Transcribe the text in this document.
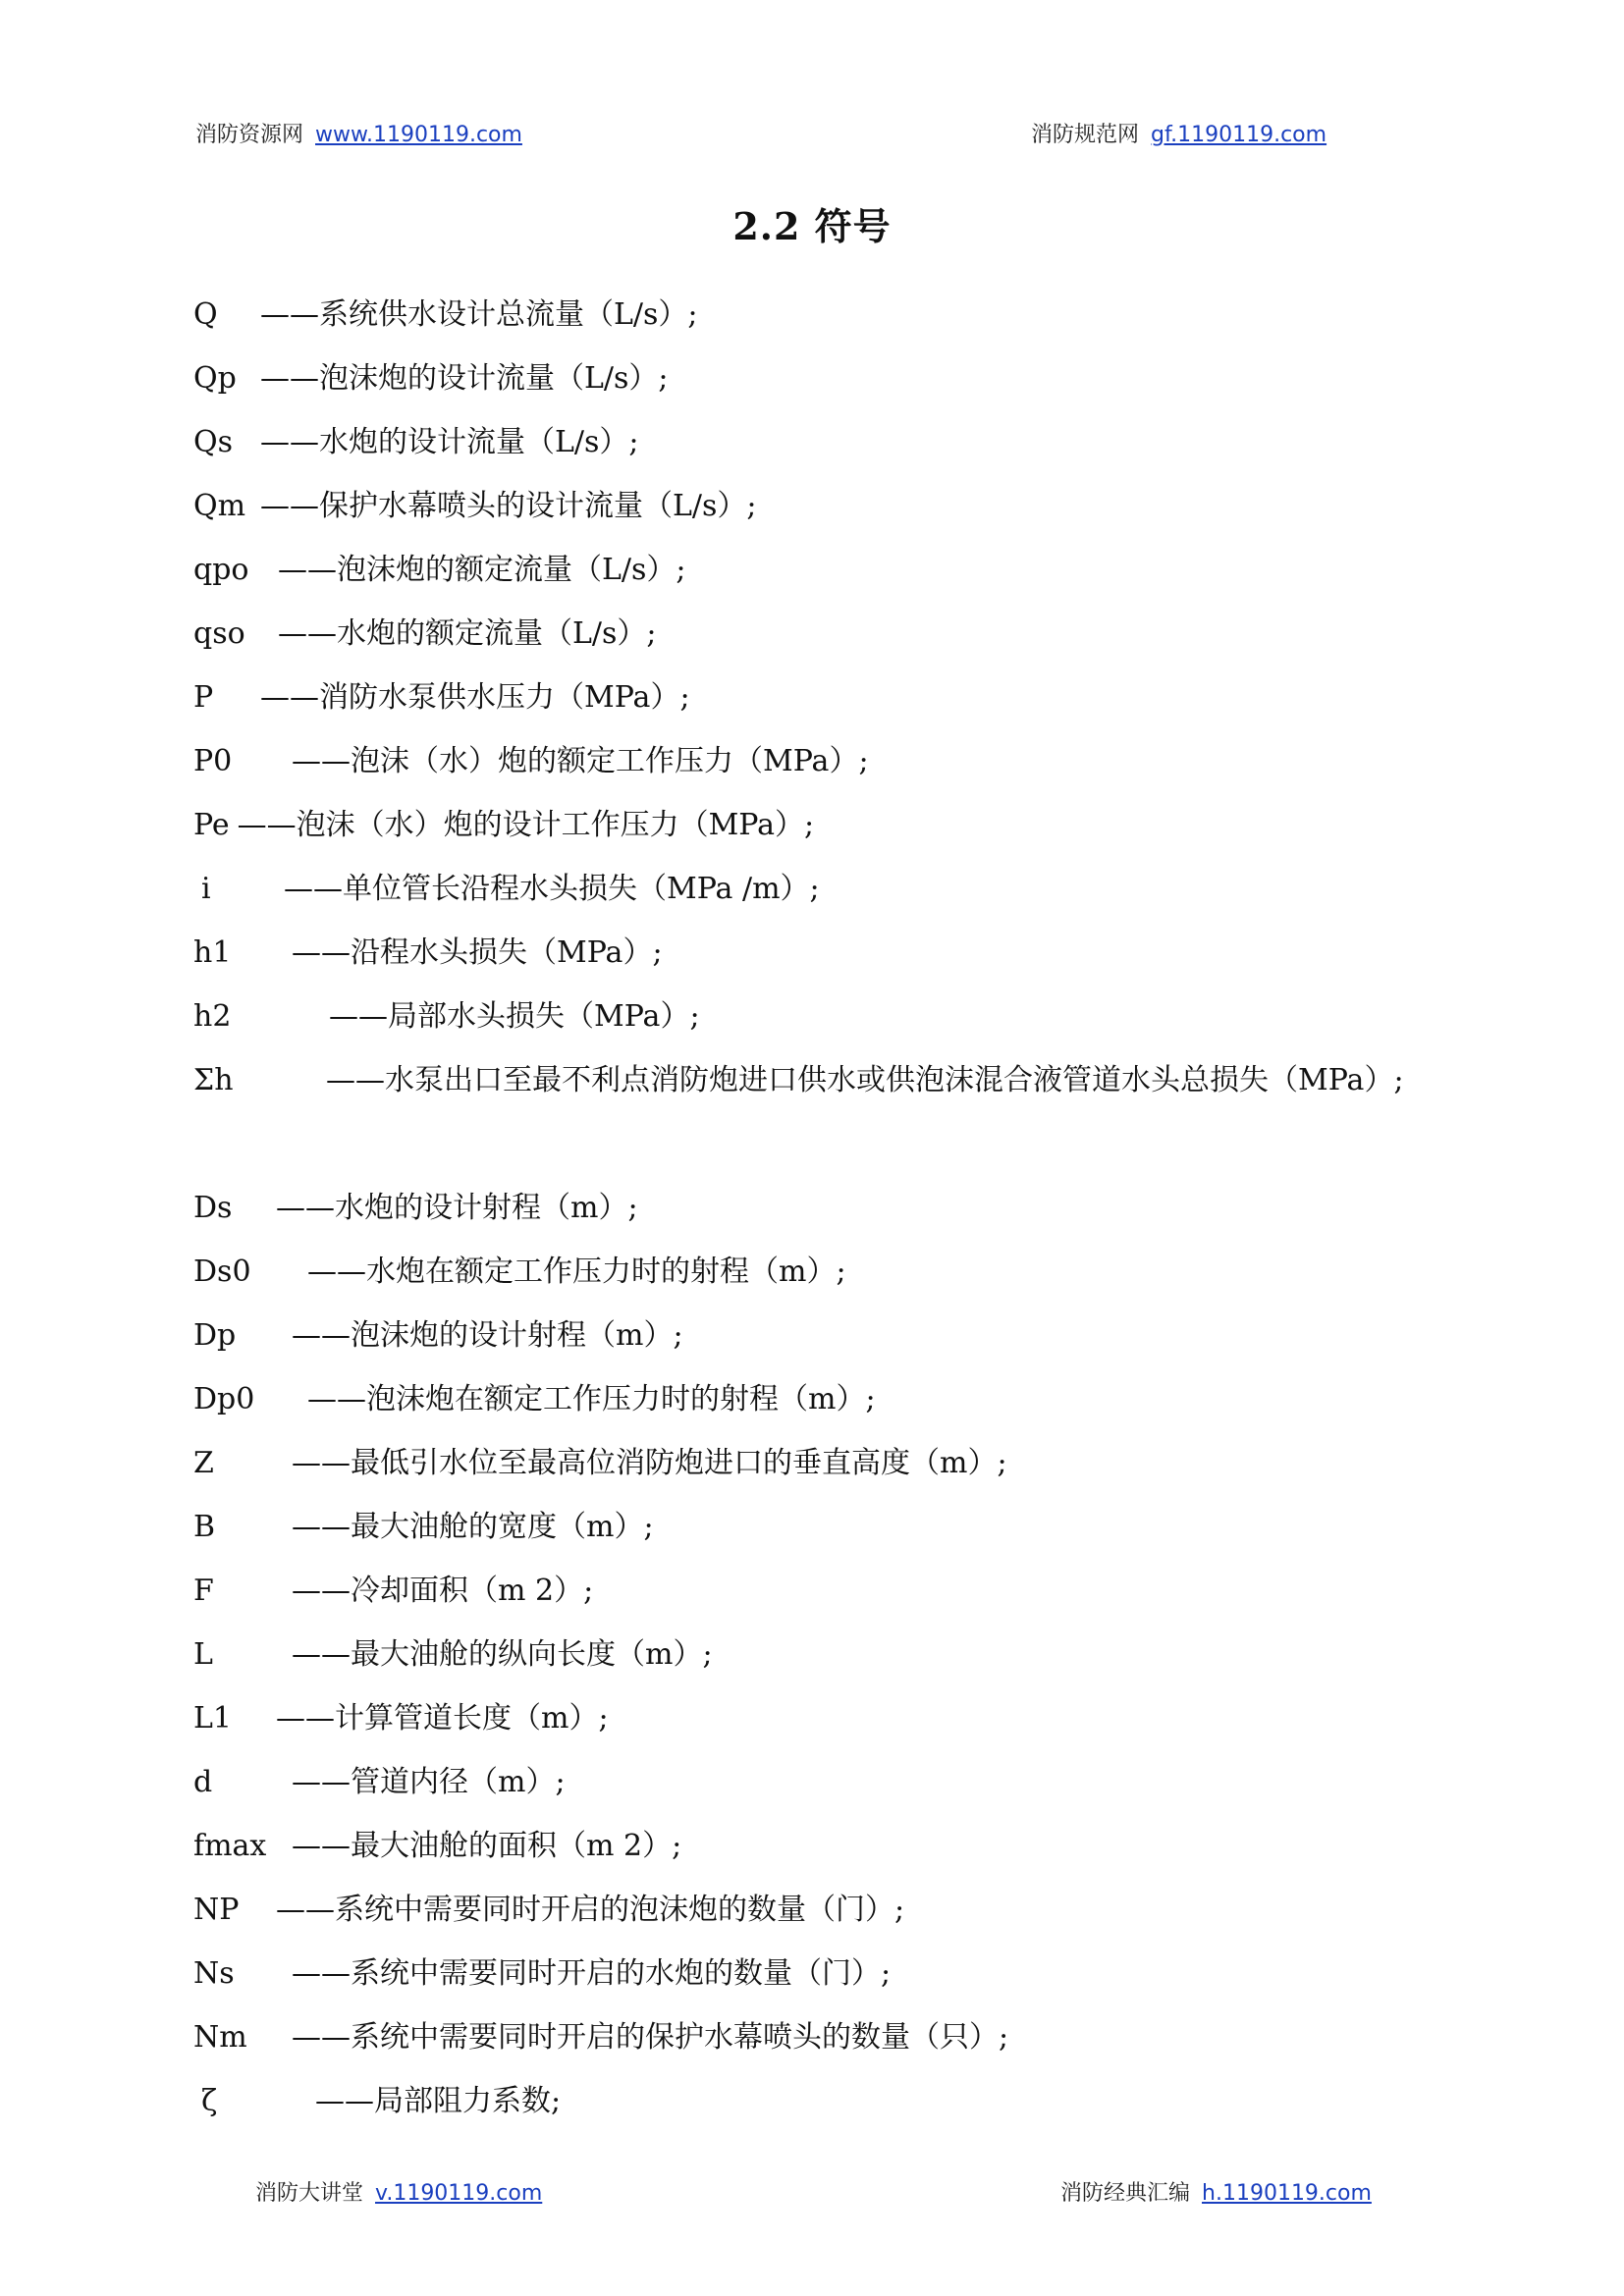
消防资源网 www.1190119.com	消防规范网 gf.1190119.com
2.2 符号
Q ——系统供水设计总流量（L/s）;
Qp ——泡沫炮的设计流量（L/s）;
Qs ——水炮的设计流量（L/s）;
Qm ——保护水幕喷头的设计流量（L/s）;
qpo ——泡沫炮的额定流量（L/s）;
qso ——水炮的额定流量（L/s）;
P ——消防水泵供水压力（MPa）;
P0 ——泡沫（水）炮的额定工作压力（MPa）;
Pe ——泡沫（水）炮的设计工作压力（MPa）;
i ——单位管长沿程水头损失（MPa /m）;
h1 ——沿程水头损失（MPa）;
h2	——局部水头损失（MPa）;
Σh	——水泵出口至最不利点消防炮进口供水或供泡沫混合液管道水头总损失（MPa）;
Ds ——水炮的设计射程（m）;
Ds0 ——水炮在额定工作压力时的射程（m）;
Dp ——泡沫炮的设计射程（m）;
Dp0 ——泡沫炮在额定工作压力时的射程（m）;
Z	——最低引水位至最高位消防炮进口的垂直高度（m）;
B	——最大油舱的宽度（m）;
F	——冷却面积（m 2）;
L	——最大油舱的纵向长度（m）;
L1 ——计算管道长度（m）;
d	——管道内径（m）;
fmax ——最大油舱的面积（m 2）;
NP ——系统中需要同时开启的泡沫炮的数量（门）;
Ns ——系统中需要同时开启的水炮的数量（门）;
Nm ——系统中需要同时开启的保护水幕喷头的数量（只）;
ζ	——局部阻力系数;
消防大讲堂 v.1190119.com	消防经典汇编 h.1190119.com
